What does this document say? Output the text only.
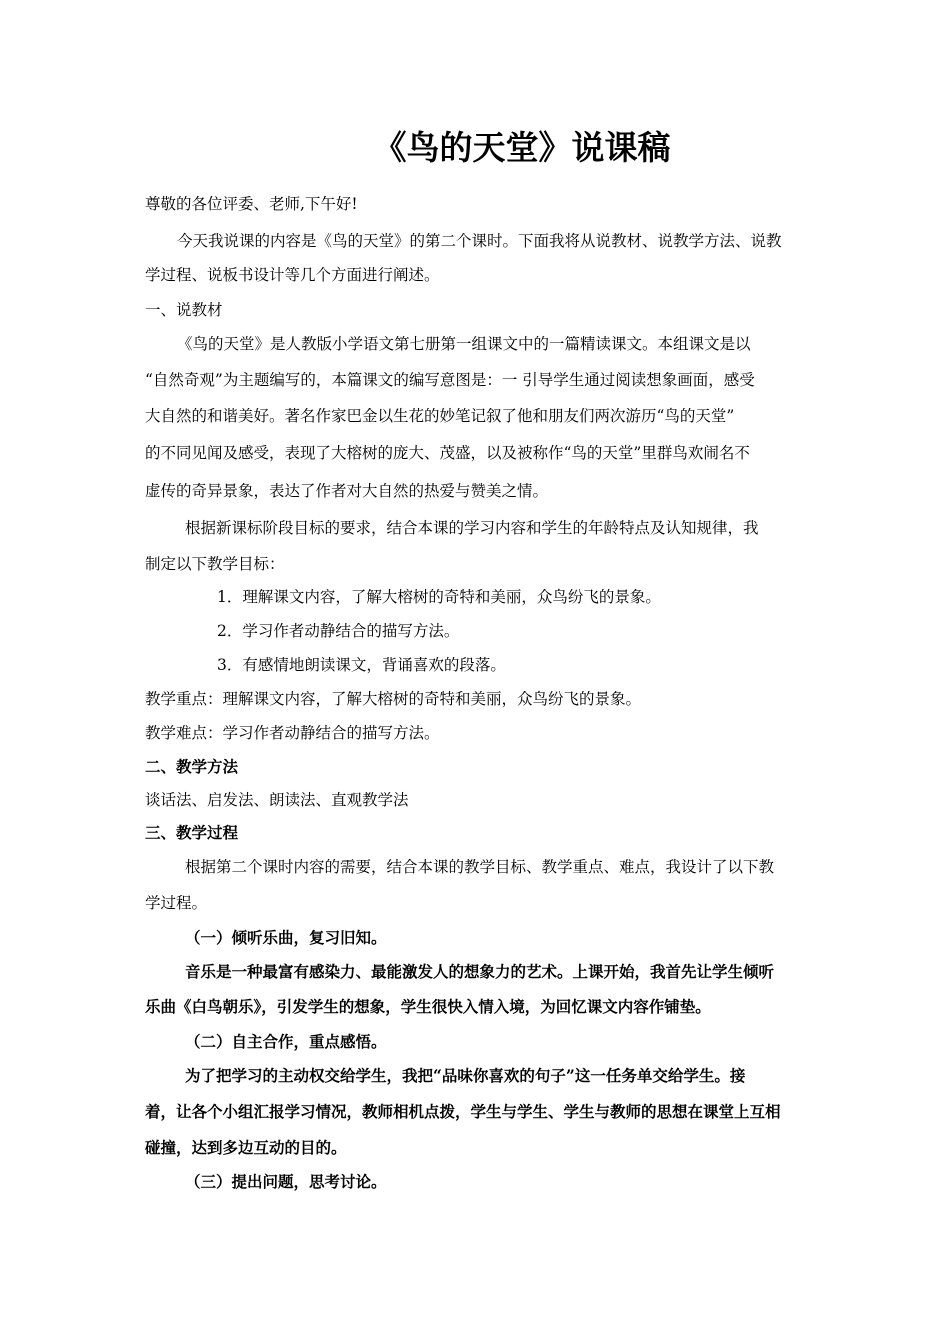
《鸟的天堂》说课稿
尊敬的各位评委、老师,下午好!
今天我说课的内容是《鸟的天堂》的第二个课时。下面我将从说教材、说教学方法、说教
学过程、说板书设计等几个方面进行阐述。
一、说教材
《鸟的天堂》是人教版小学语文第七册第一组课文中的一篇精读课文。本组课文是以
“自然奇观”为主题编写的，本篇课文的编写意图是：一 引导学生通过阅读想象画面，感受
大自然的和谐美好。著名作家巴金以生花的妙笔记叙了他和朋友们两次游历“鸟的天堂”
的不同见闻及感受，表现了大榕树的庞大、茂盛，以及被称作“鸟的天堂”里群鸟欢闹名不
虚传的奇异景象，表达了作者对大自然的热爱与赞美之情。
根据新课标阶段目标的要求，结合本课的学习内容和学生的年龄特点及认知规律，我
制定以下教学目标：
1．理解课文内容，了解大榕树的奇特和美丽，众鸟纷飞的景象。
2．学习作者动静结合的描写方法。
3．有感情地朗读课文，背诵喜欢的段落。
教学重点：理解课文内容，了解大榕树的奇特和美丽，众鸟纷飞的景象。
教学难点：学习作者动静结合的描写方法。
二、教学方法
谈话法、启发法、朗读法、直观教学法
三、教学过程
根据第二个课时内容的需要，结合本课的教学目标、教学重点、难点，我设计了以下教
学过程。
（一）倾听乐曲，复习旧知。
音乐是一种最富有感染力、最能激发人的想象力的艺术。上课开始，我首先让学生倾听
乐曲《白鸟朝乐》，引发学生的想象，学生很快入情入境，为回忆课文内容作铺垫。
（二）自主合作，重点感悟。
为了把学习的主动权交给学生，我把“品味你喜欢的句子”这一任务单交给学生。接
着，让各个小组汇报学习情况，教师相机点拨，学生与学生、学生与教师的思想在课堂上互相
碰撞，达到多边互动的目的。
（三）提出问题，思考讨论。
